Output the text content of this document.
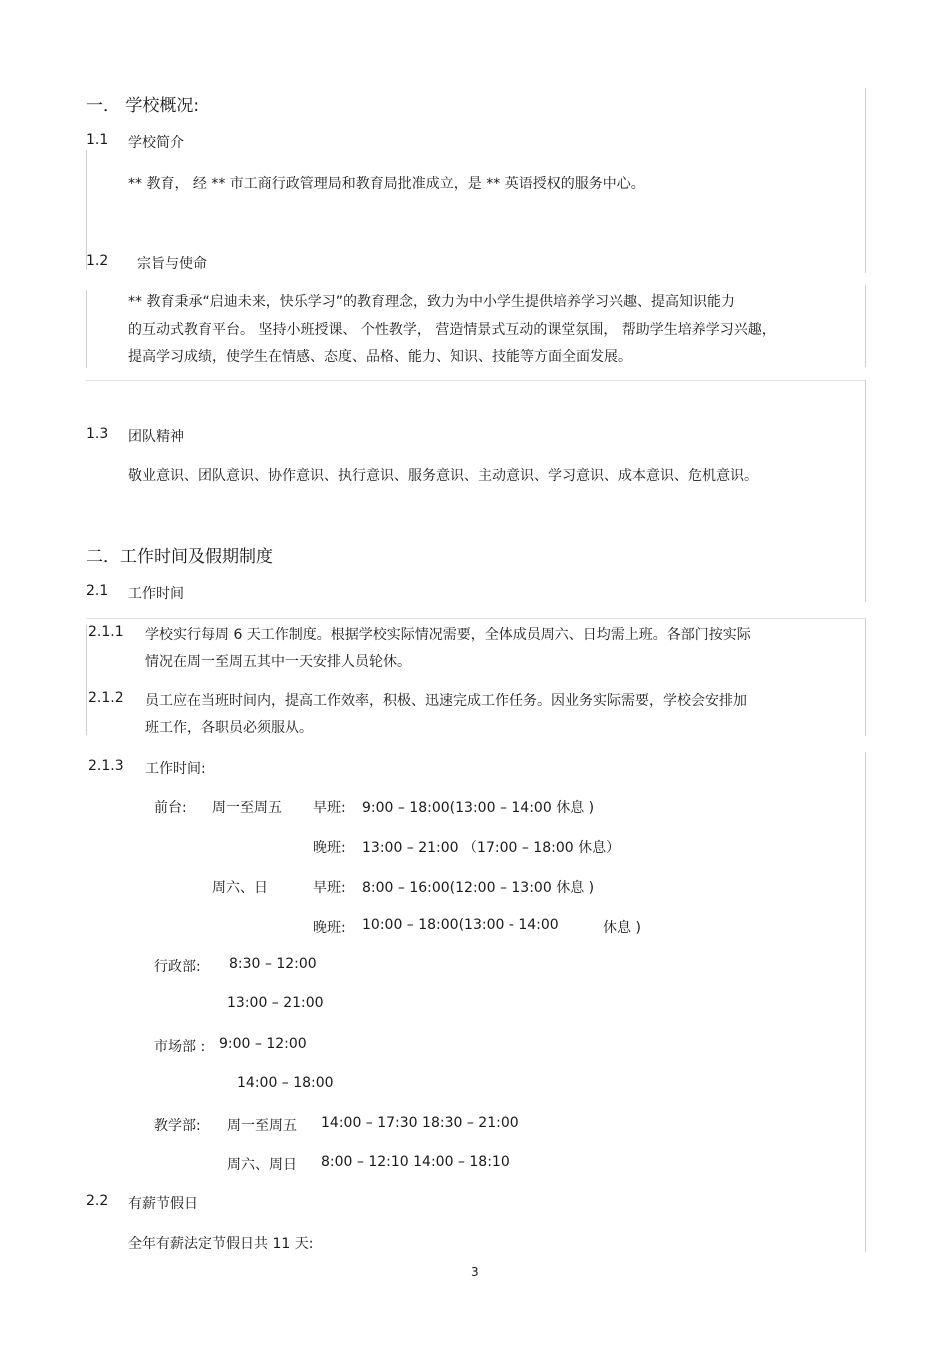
一． 学校概况:
1.1 学校简介
** 教育， 经 ** 市工商行政管理局和教育局批准成立，是 ** 英语授权的服务中心。
1.2 宗旨与使命
** 教育秉承“启迪未来，快乐学习”的教育理念，致力为中小学生提供培养学习兴趣、提高知识能力
的互动式教育平台。 坚持小班授课、 个性教学， 营造情景式互动的课堂氛围， 帮助学生培养学习兴趣，
提高学习成绩，使学生在情感、态度、品格、能力、知识、技能等方面全面发展。
1.3 团队精神
敬业意识、团队意识、协作意识、执行意识、服务意识、主动意识、学习意识、成本意识、危机意识。
二．工作时间及假期制度
2.1 工作时间
2.1.1 学校实行每周 6 天工作制度。根据学校实际情况需要，全体成员周六、日均需上班。各部门按实际
情况在周一至周五其中一天安排人员轮休。
2.1.2 员工应在当班时间内，提高工作效率，积极、迅速完成工作任务。因业务实际需要，学校会安排加
班工作，各职员必须服从。
2.1.3 工作时间:
前台: 周一至周五 早班: 9:00 – 18:00(13:00 – 14:00 休息 )
晚班: 13:00 – 21:00 （17:00 – 18:00 休息）
周六、日	早班: 8:00 – 16:00(12:00 – 13:00 休息 )
晚班: 10:00 – 18:00(13:00 - 14:00	休息 )
行政部: 8:30 – 12:00
13:00 – 21:00
市场部 : 9:00 – 12:00
14:00 – 18:00
教学部: 周一至周五 14:00 – 17:30 18:30 – 21:00
周六、周日 8:00 – 12:10 14:00 – 18:10
2.2 有薪节假日
全年有薪法定节假日共 11 天:
3
